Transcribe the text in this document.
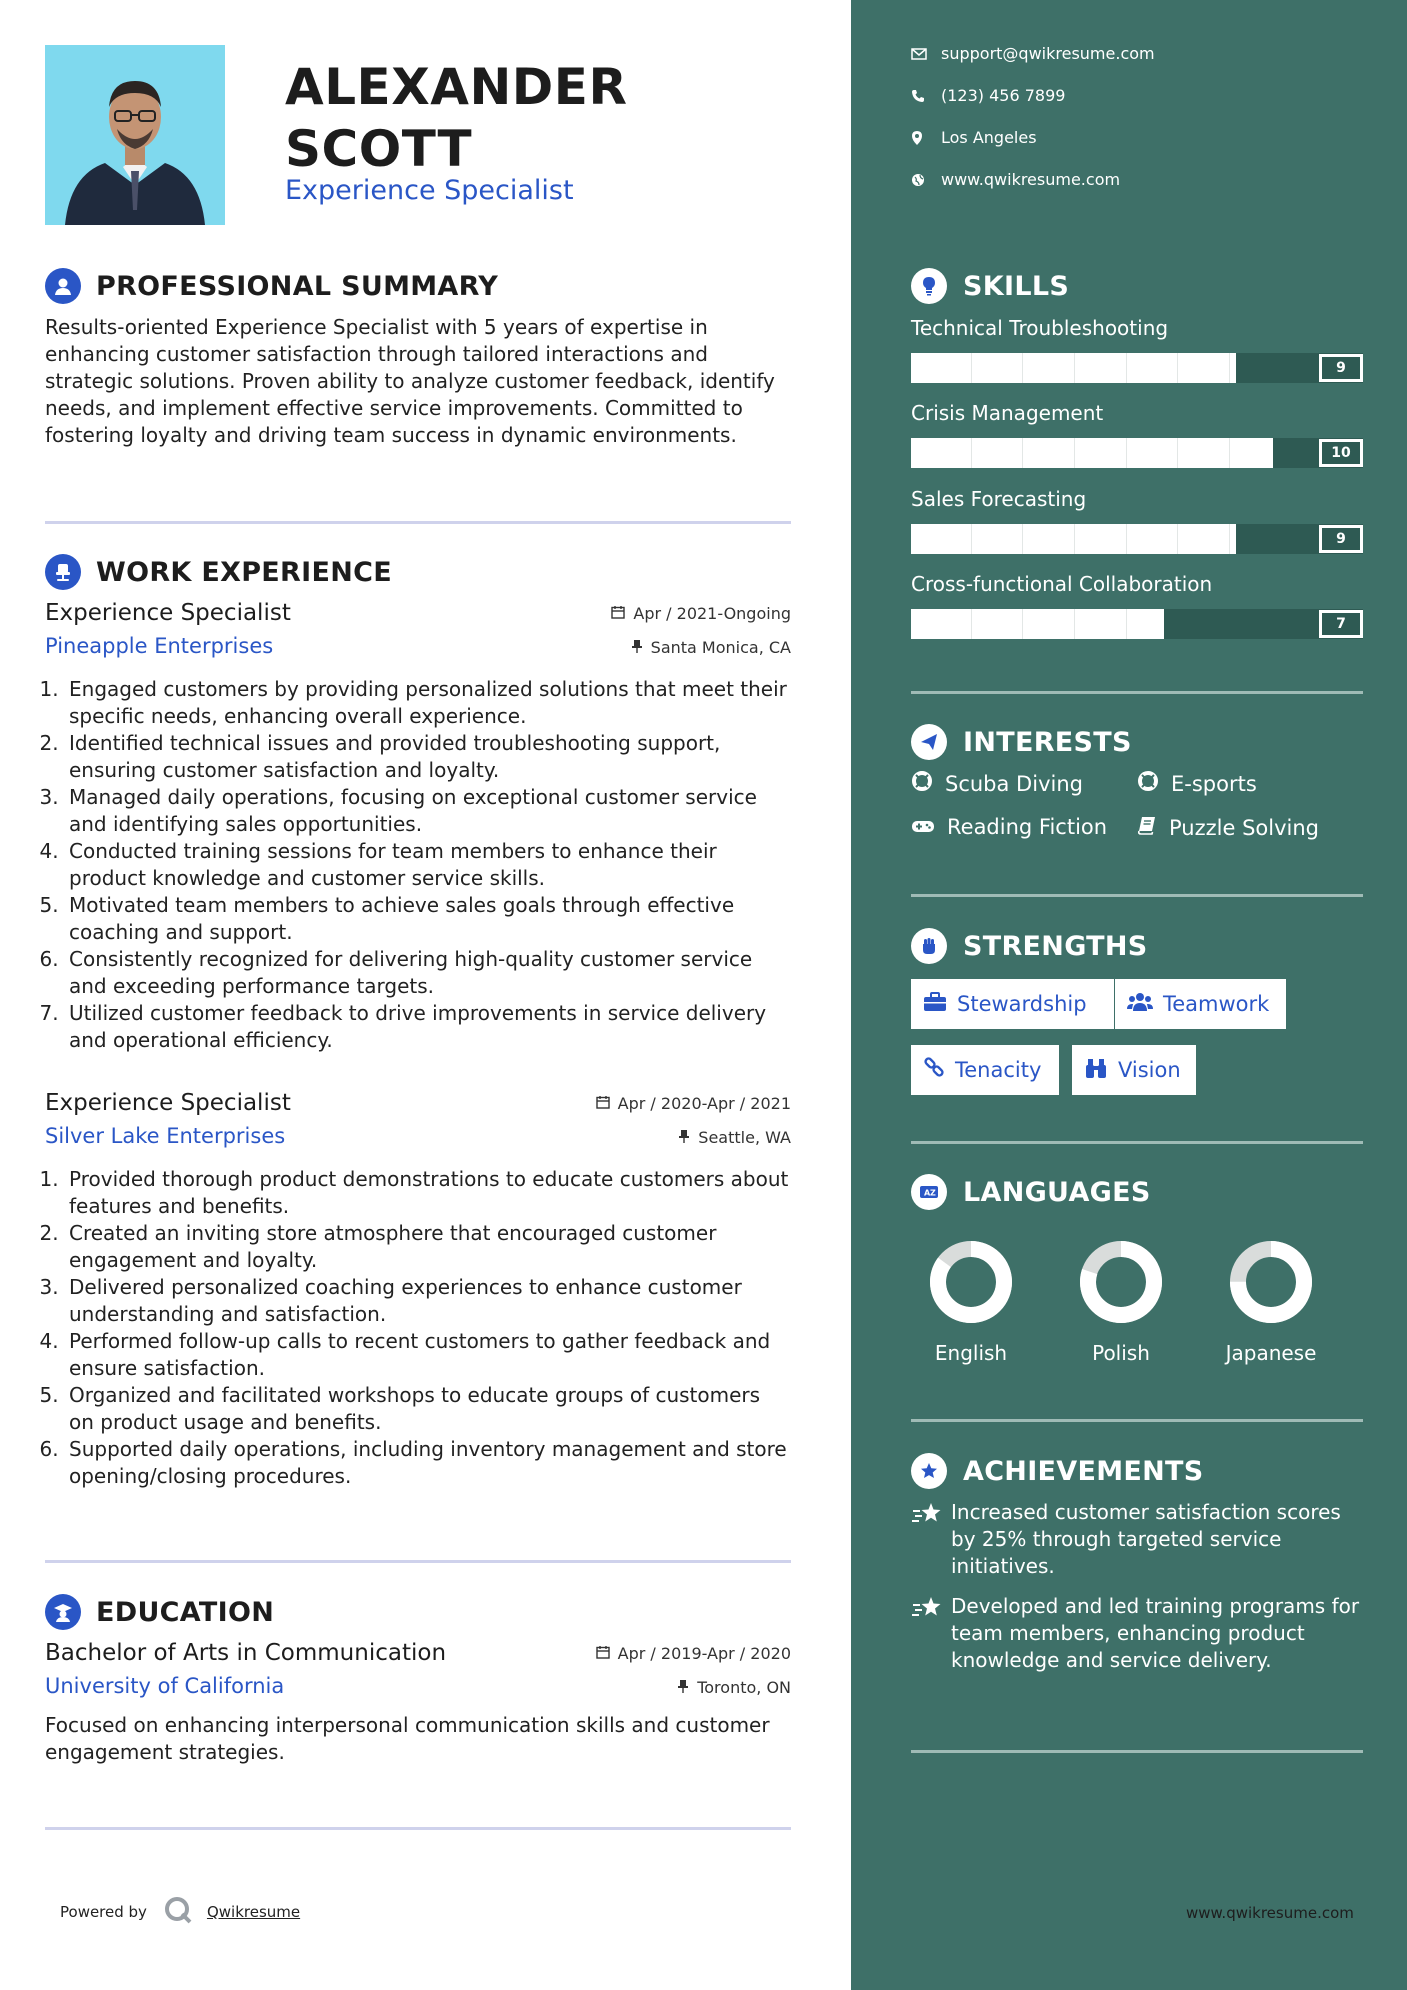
ALEXANDER
SCOTT
Experience Specialist
PROFESSIONAL SUMMARY
Results-oriented Experience Specialist with 5 years of expertise in enhancing customer satisfaction through tailored interactions and strategic solutions. Proven ability to analyze customer feedback, identify needs, and implement effective service improvements. Committed to fostering loyalty and driving team success in dynamic environments.
WORK EXPERIENCE
Experience Specialist
Pineapple Enterprises
Apr / 2021-Ongoing
Santa Monica, CA
1. Engaged customers by providing personalized solutions that meet their specific needs, enhancing overall experience.
2. Identified technical issues and provided troubleshooting support, ensuring customer satisfaction and loyalty.
3. Managed daily operations, focusing on exceptional customer service and identifying sales opportunities.
4. Conducted training sessions for team members to enhance their product knowledge and customer service skills.
5. Motivated team members to achieve sales goals through effective coaching and support.
6. Consistently recognized for delivering high-quality customer service and exceeding performance targets.
7. Utilized customer feedback to drive improvements in service delivery and operational efficiency.
Experience Specialist
Silver Lake Enterprises
Apr / 2020-Apr / 2021
Seattle, WA
1. Provided thorough product demonstrations to educate customers about features and benefits.
2. Created an inviting store atmosphere that encouraged customer engagement and loyalty.
3. Delivered personalized coaching experiences to enhance customer understanding and satisfaction.
4. Performed follow-up calls to recent customers to gather feedback and ensure satisfaction.
5. Organized and facilitated workshops to educate groups of customers on product usage and benefits.
6. Supported daily operations, including inventory management and store opening/closing procedures.
EDUCATION
Bachelor of Arts in Communication
University of California
Apr / 2019-Apr / 2020
Toronto, ON
Focused on enhancing interpersonal communication skills and customer engagement strategies.
Powered by	Qwikresume
support@qwikresume.com
(123) 456 7899
Los Angeles
www.qwikresume.com
SKILLS
Technical Troubleshooting
9
Crisis Management
10
Sales Forecasting
9
Cross-functional Collaboration
7
INTERESTS
Scuba Diving	E-sports
Reading Fiction	Puzzle Solving
STRENGTHS
Stewardship	Teamwork
Tenacity	Vision
A Z LANGUAGES
English	Polish	Japanese
ACHIEVEMENTS
Increased customer satisfaction scores by 25% through targeted service initiatives.
Developed and led training programs for team members, enhancing product knowledge and service delivery.
www.qwikresume.com
